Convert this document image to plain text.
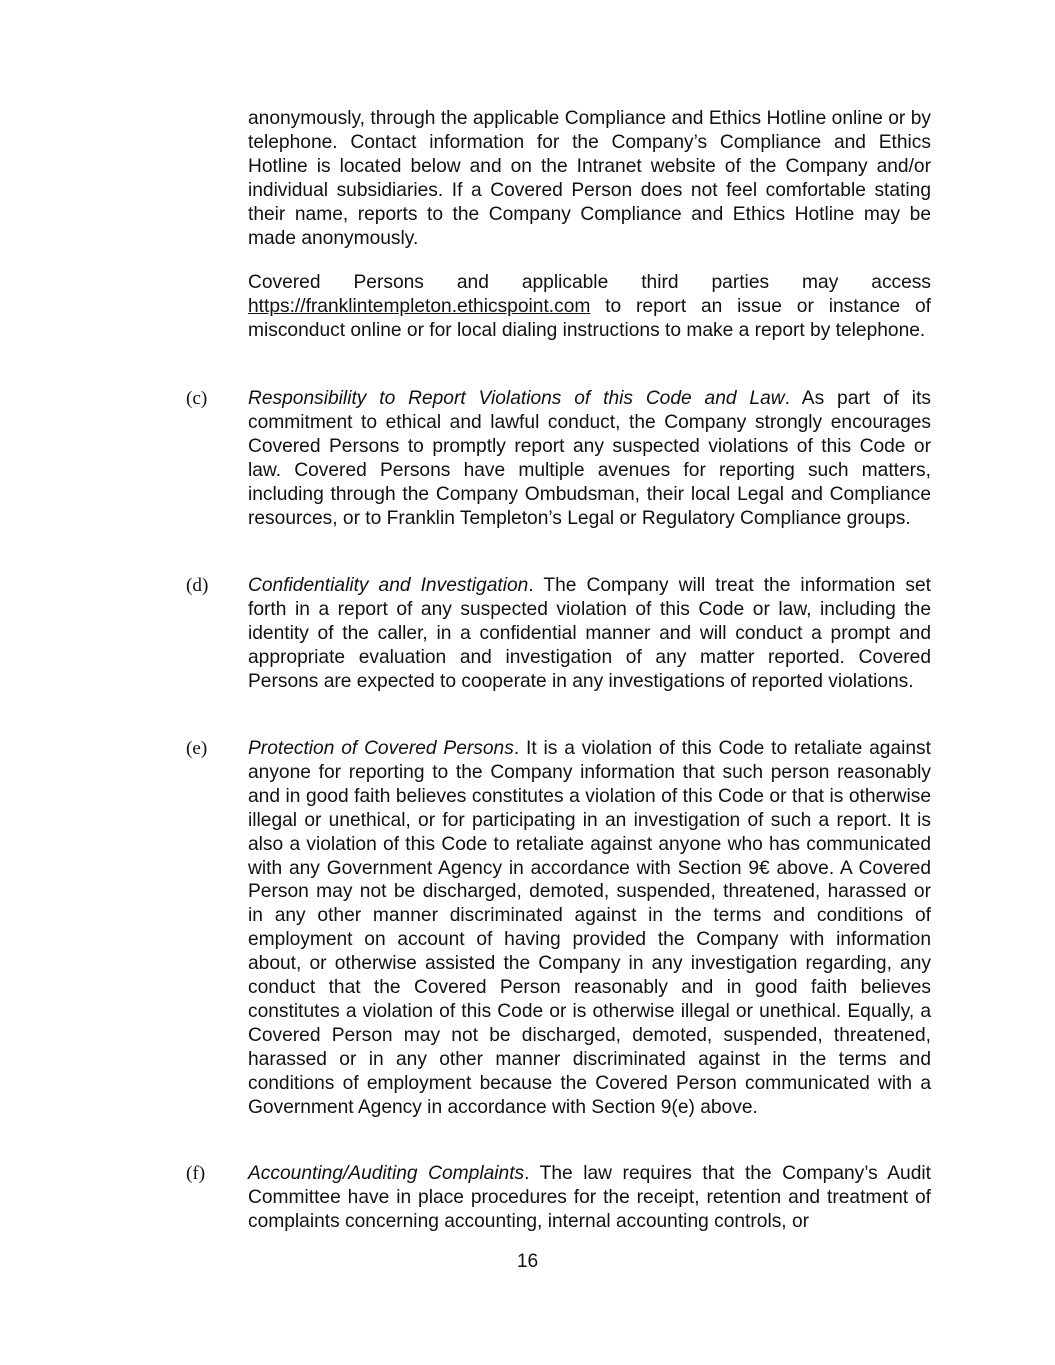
anonymously, through the applicable Compliance and Ethics Hotline online or by telephone. Contact information for the Company’s Compliance and Ethics Hotline is located below and on the Intranet website of the Company and/or individual subsidiaries. If a Covered Person does not feel comfortable stating their name, reports to the Company Compliance and Ethics Hotline may be made anonymously.
Covered Persons and applicable third parties may access https://franklintempleton.ethicspoint.com to report an issue or instance of misconduct online or for local dialing instructions to make a report by telephone.
(c) Responsibility to Report Violations of this Code and Law. As part of its commitment to ethical and lawful conduct, the Company strongly encourages Covered Persons to promptly report any suspected violations of this Code or law. Covered Persons have multiple avenues for reporting such matters, including through the Company Ombudsman, their local Legal and Compliance resources, or to Franklin Templeton’s Legal or Regulatory Compliance groups.
(d) Confidentiality and Investigation. The Company will treat the information set forth in a report of any suspected violation of this Code or law, including the identity of the caller, in a confidential manner and will conduct a prompt and appropriate evaluation and investigation of any matter reported. Covered Persons are expected to cooperate in any investigations of reported violations.
(e) Protection of Covered Persons. It is a violation of this Code to retaliate against anyone for reporting to the Company information that such person reasonably and in good faith believes constitutes a violation of this Code or that is otherwise illegal or unethical, or for participating in an investigation of such a report. It is also a violation of this Code to retaliate against anyone who has communicated with any Government Agency in accordance with Section 9€ above. A Covered Person may not be discharged, demoted, suspended, threatened, harassed or in any other manner discriminated against in the terms and conditions of employment on account of having provided the Company with information about, or otherwise assisted the Company in any investigation regarding, any conduct that the Covered Person reasonably and in good faith believes constitutes a violation of this Code or is otherwise illegal or unethical. Equally, a Covered Person may not be discharged, demoted, suspended, threatened, harassed or in any other manner discriminated against in the terms and conditions of employment because the Covered Person communicated with a Government Agency in accordance with Section 9(e) above.
(f) Accounting/Auditing Complaints. The law requires that the Company’s Audit Committee have in place procedures for the receipt, retention and treatment of complaints concerning accounting, internal accounting controls, or
16
